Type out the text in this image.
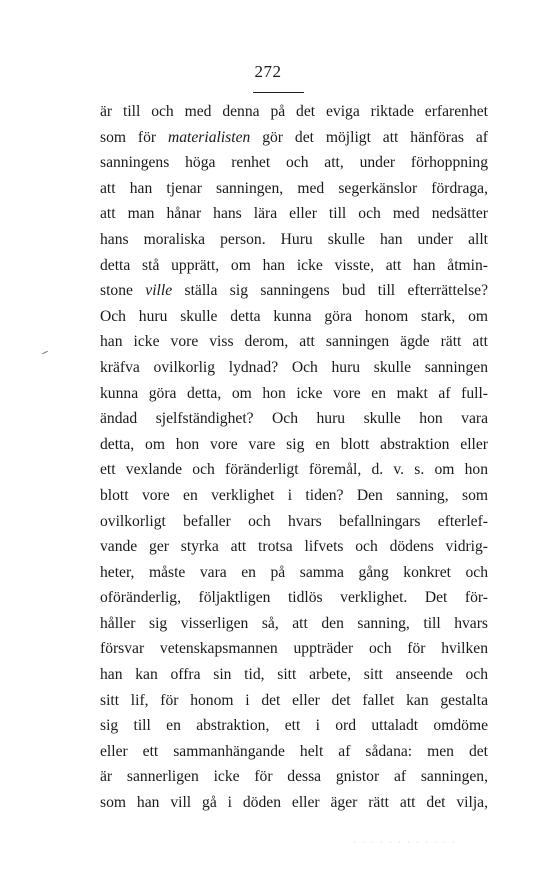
272
är till och med denna på det eviga riktade erfarenhet
som för materialisten gör det möjligt att hänföras af
sanningens höga renhet och att, under förhoppning
att han tjenar sanningen, med segerkänslor fördraga,
att man hånar hans lära eller till och med nedsätter
hans moraliska person. Huru skulle han under allt
detta stå upprätt, om han icke visste, att han åtmin-
stone ville ställa sig sanningens bud till efterrättelse?
Och huru skulle detta kunna göra honom stark, om
han icke vore viss derom, att sanningen ägde rätt att
kräfva ovilkorlig lydnad? Och huru skulle sanningen
kunna göra detta, om hon icke vore en makt af full-
ändad sjelfständighet? Och huru skulle hon vara
detta, om hon vore vare sig en blott abstraktion eller
ett vexlande och föränderligt föremål, d. v. s. om hon
blott vore en verklighet i tiden? Den sanning, som
ovilkorligt befaller och hvars befallningars efterlef-
vande ger styrka att trotsa lifvets och dödens vidrig-
heter, måste vara en på samma gång konkret och
oföränderlig, följaktligen tidlös verklighet. Det för-
håller sig visserligen så, att den sanning, till hvars
försvar vetenskapsmannen uppträder och för hvilken
han kan offra sin tid, sitt arbete, sitt anseende och
sitt lif, för honom i det eller det fallet kan gestalta
sig till en abstraktion, ett i ord uttaladt omdöme
eller ett sammanhängande helt af sådana: men det
är sannerligen icke för dessa gnistor af sanningen,
som han vill gå i döden eller äger rätt att det vilja,
